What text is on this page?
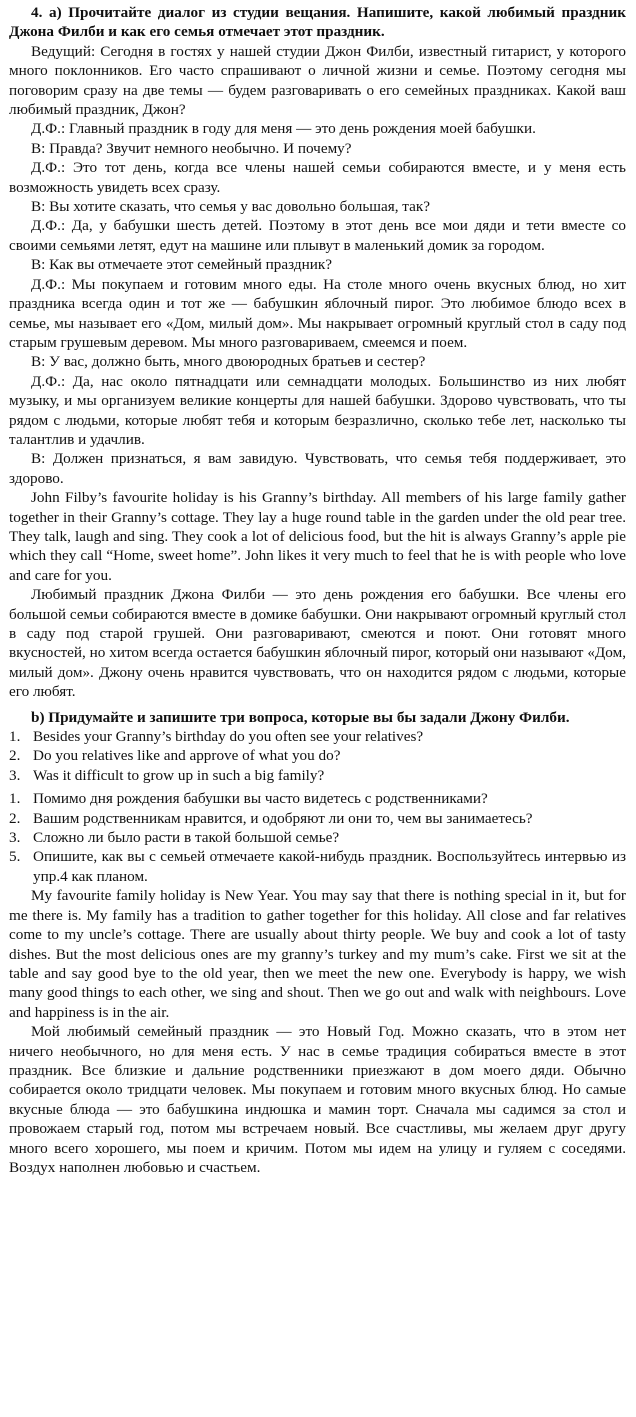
4. a) Прочитайте диалог из студии вещания. Напишите, какой любимый праздник Джона Филби и как его семья отмечает этот праздник.

Ведущий: Сегодня в гостях у нашей студии Джон Филби, известный гитарист, у которого много поклонников. Его часто спрашивают о личной жизни и семье. Поэтому сегодня мы поговорим сразу на две темы — будем разговаривать о его семейных праздниках. Какой ваш любимый праздник, Джон?

Д.Ф.: Главный праздник в году для меня — это день рождения моей бабушки.

В: Правда? Звучит немного необычно. И почему?

Д.Ф.: Это тот день, когда все члены нашей семьи собираются вместе, и у меня есть возможность увидеть всех сразу.

В: Вы хотите сказать, что семья у вас довольно большая, так?

Д.Ф.: Да, у бабушки шесть детей. Поэтому в этот день все мои дяди и тети вместе со своими семьями летят, едут на машине или плывут в маленький домик за городом.

В: Как вы отмечаете этот семейный праздник?

Д.Ф.: Мы покупаем и готовим много еды. На столе много очень вкусных блюд, но хит праздника всегда один и тот же — бабушкин яблочный пирог. Это любимое блюдо всех в семье, мы называет его «Дом, милый дом». Мы накрывает огромный круглый стол в саду под старым грушевым деревом. Мы много разговариваем, смеемся и поем.

В: У вас, должно быть, много двоюродных братьев и сестер?

Д.Ф.: Да, нас около пятнадцати или семнадцати молодых. Большинство из них любят музыку, и мы организуем великие концерты для нашей бабушки. Здорово чувствовать, что ты рядом с людьми, которые любят тебя и которым безразлично, сколько тебе лет, насколько ты талантлив и удачлив.

В: Должен признаться, я вам завидую. Чувствовать, что семья тебя поддерживает, это здорово.

John Filby’s favourite holiday is his Granny’s birthday. All members of his large family gather together in their Granny’s cottage. They lay a huge round table in the garden under the old pear tree. They talk, laugh and sing. They cook a lot of delicious food, but the hit is always Granny’s apple pie which they call “Home, sweet home”. John likes it very much to feel that he is with people who love and care for you.

Любимый праздник Джона Филби — это день рождения его бабушки. Все члены его большой семьи собираются вместе в домике бабушки. Они накрывают огромный круглый стол в саду под старой грушей. Они разговаривают, смеются и поют. Они готовят много вкусностей, но хитом всегда остается бабушкин яблочный пирог, который они называют «Дом, милый дом». Джону очень нравится чувствовать, что он находится рядом с людьми, которые его любят.

b) Придумайте и запишите три вопроса, которые вы бы задали Джону Филби.

1. Besides your Granny’s birthday do you often see your relatives?
2. Do you relatives like and approve of what you do?
3. Was it difficult to grow up in such a big family?
1. Помимо дня рождения бабушки вы часто видетесь с родственниками?
2. Вашим родственникам нравится, и одобряют ли они то, чем вы занимаетесь?
3. Сложно ли было расти в такой большой семье?
5. Опишите, как вы с семьей отмечаете какой-нибудь праздник. Воспользуйтесь интервью из упр.4 как планом.

My favourite family holiday is New Year. You may say that there is nothing special in it, but for me there is. My family has a tradition to gather together for this holiday. All close and far relatives come to my uncle’s cottage. There are usually about thirty people. We buy and cook a lot of tasty dishes. But the most delicious ones are my granny’s turkey and my mum’s cake. First we sit at the table and say good bye to the old year, then we meet the new one. Everybody is happy, we wish many good things to each other, we sing and shout. Then we go out and walk with neighbours. Love and happiness is in the air.

Мой любимый семейный праздник — это Новый Год. Можно сказать, что в этом нет ничего необычного, но для меня есть. У нас в семье традиция собираться вместе в этот праздник. Все близкие и дальние родственники приезжают в дом моего дяди. Обычно собирается около тридцати человек. Мы покупаем и готовим много вкусных блюд. Но самые вкусные блюда — это бабушкина индюшка и мамин торт. Сначала мы садимся за стол и провожаем старый год, потом мы встречаем новый. Все счастливы, мы желаем друг другу много всего хорошего, мы поем и кричим. Потом мы идем на улицу и гуляем с соседями. Воздух наполнен любовью и счастьем.
